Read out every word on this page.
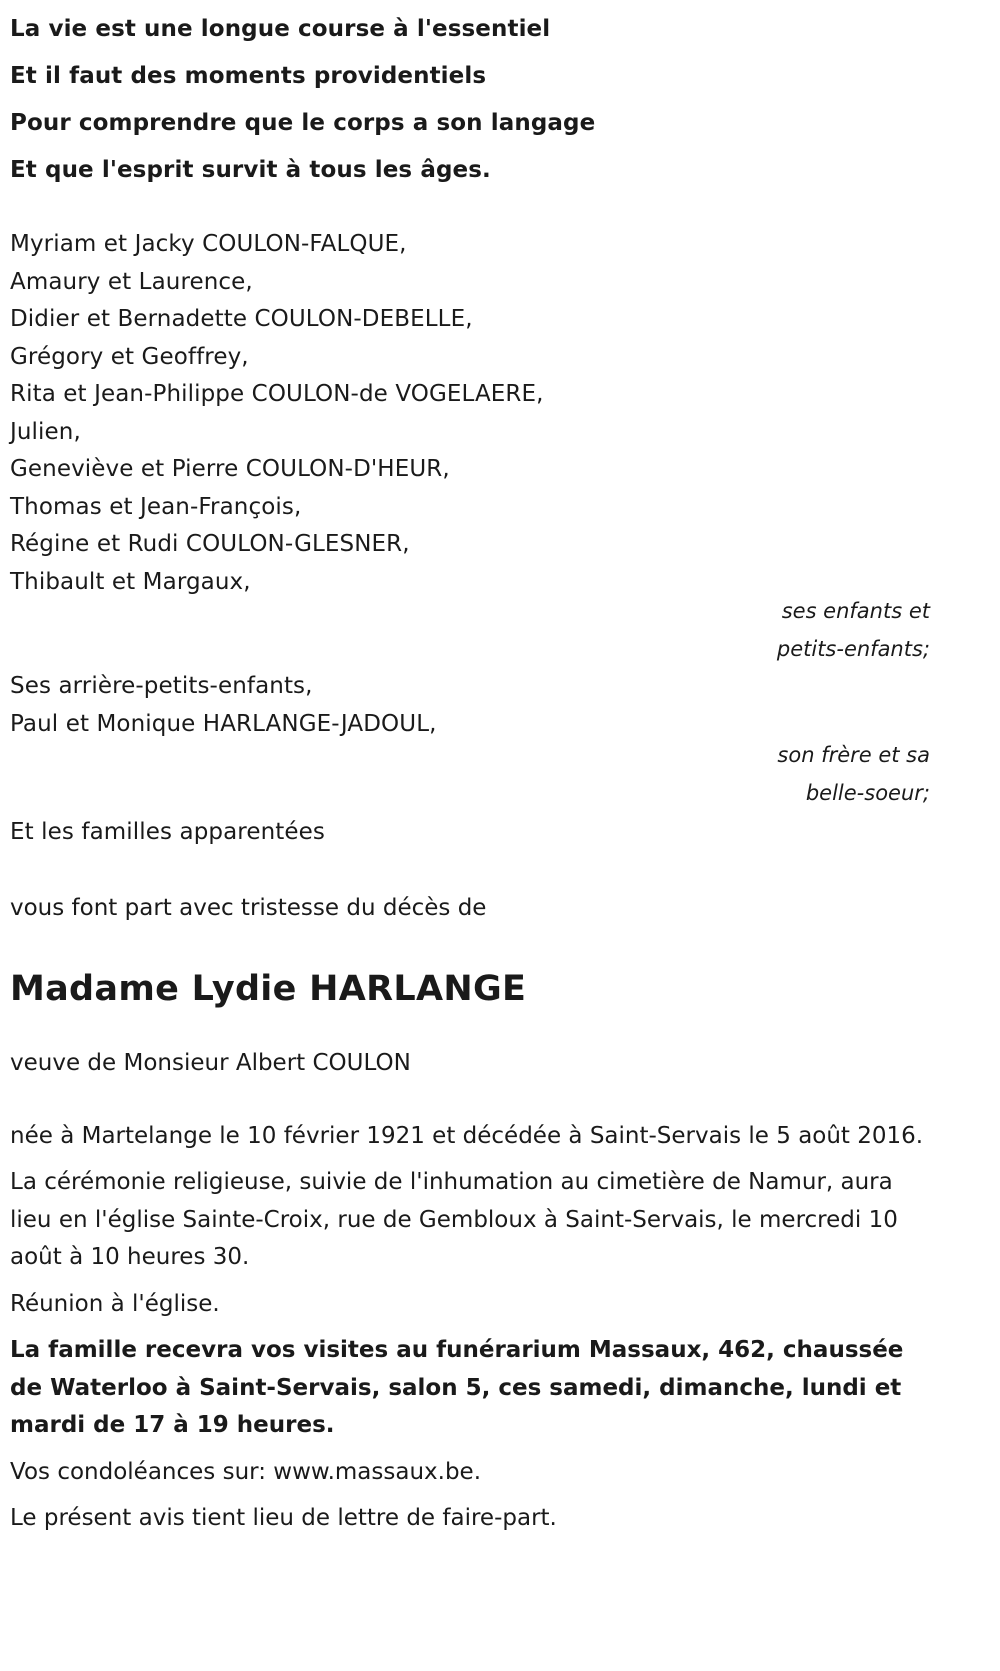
La vie est une longue course à l'essentiel
Et il faut des moments providentiels
Pour comprendre que le corps a son langage
Et que l'esprit survit à tous les âges.
Myriam et Jacky COULON-FALQUE,
Amaury et Laurence,
Didier et Bernadette COULON-DEBELLE,
Grégory et Geoffrey,
Rita et Jean-Philippe COULON-de VOGELAERE,
Julien,
Geneviève et Pierre COULON-D'HEUR,
Thomas et Jean-François,
Régine et Rudi COULON-GLESNER,
Thibault et Margaux,
ses enfants et
petits-enfants;
Ses arrière-petits-enfants,
Paul et Monique HARLANGE-JADOUL,
son frère et sa
belle-soeur;
Et les familles apparentées
vous font part avec tristesse du décès de
Madame Lydie HARLANGE
veuve de Monsieur Albert COULON

née à Martelange le 10 février 1921 et décédée à Saint-Servais le 5 août 2016.

La cérémonie religieuse, suivie de l'inhumation au cimetière de Namur, aura lieu en l'église Sainte-Croix, rue de Gembloux à Saint-Servais, le mercredi 10 août à 10 heures 30.

Réunion à l'église.

La famille recevra vos visites au funérarium Massaux, 462, chaussée de Waterloo à Saint-Servais, salon 5, ces samedi, dimanche, lundi et mardi de 17 à 19 heures.

Vos condoléances sur: www.massaux.be.

Le présent avis tient lieu de lettre de faire-part.
